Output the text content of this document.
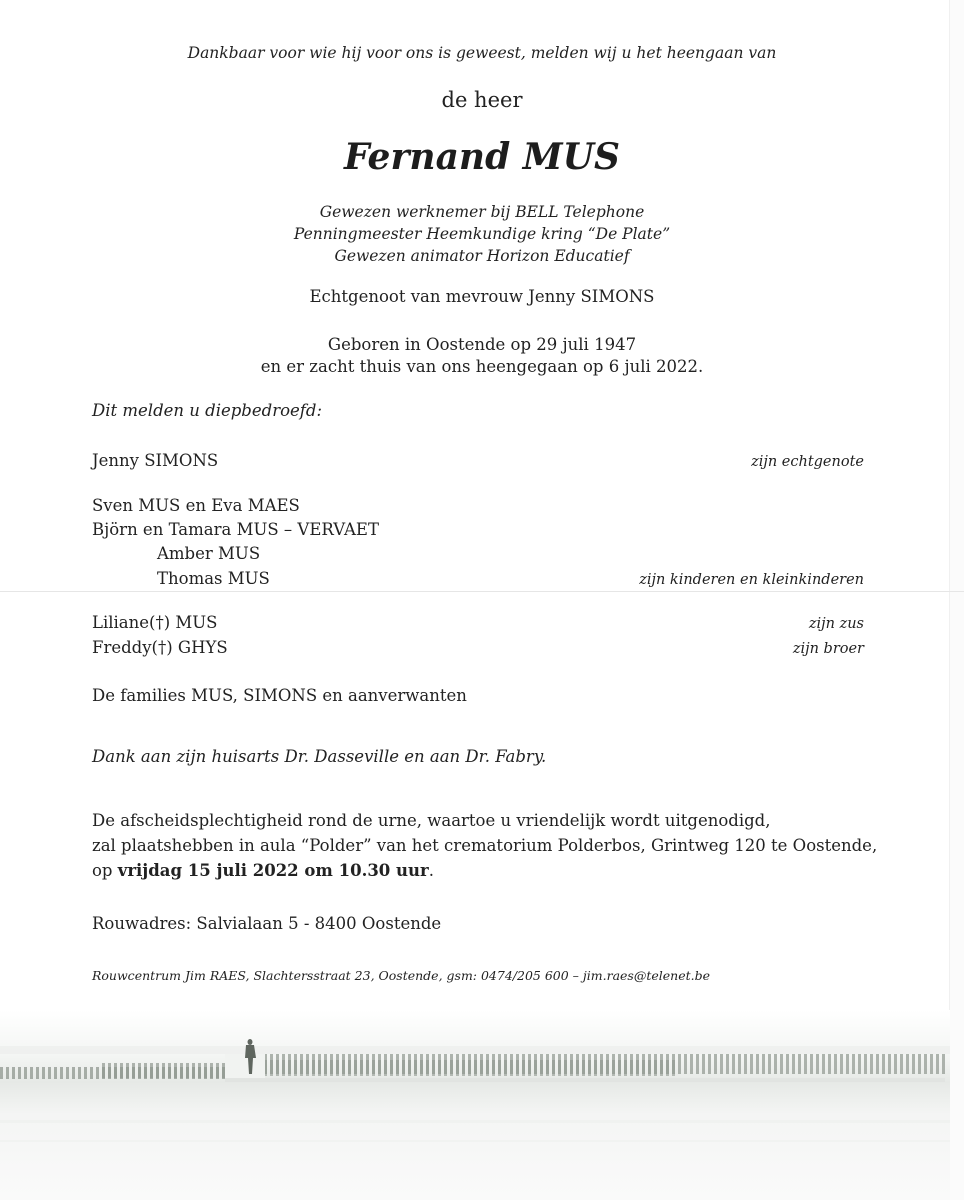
Dankbaar voor wie hij voor ons is geweest, melden wij u het heengaan van
de heer
Fernand MUS
Gewezen werknemer bij BELL Telephone
Penningmeester Heemkundige kring “De Plate”
Gewezen animator Horizon Educatief
Echtgenoot van mevrouw Jenny SIMONS
Geboren in Oostende op 29 juli 1947
en er zacht thuis van ons heengegaan op 6 juli 2022.
Dit melden u diepbedroefd:
Jenny SIMONS	zijn echtgenote
Sven MUS en Eva MAES
Björn en Tamara MUS – VERVAET
Amber MUS
Thomas MUS	zijn kinderen en kleinkinderen
Liliane(†) MUS	zijn zus
Freddy(†) GHYS	zijn broer
De families MUS, SIMONS en aanverwanten
Dank aan zijn huisarts Dr. Dasseville en aan Dr. Fabry.
De afscheidsplechtigheid rond de urne, waartoe u vriendelijk wordt uitgenodigd,
zal plaatshebben in aula “Polder” van het crematorium Polderbos, Grintweg 120 te Oostende,
op vrijdag 15 juli 2022 om 10.30 uur.
Rouwadres: Salvialaan 5 - 8400 Oostende
Rouwcentrum Jim RAES, Slachtersstraat 23, Oostende, gsm: 0474/205 600 – jim.raes@telenet.be
